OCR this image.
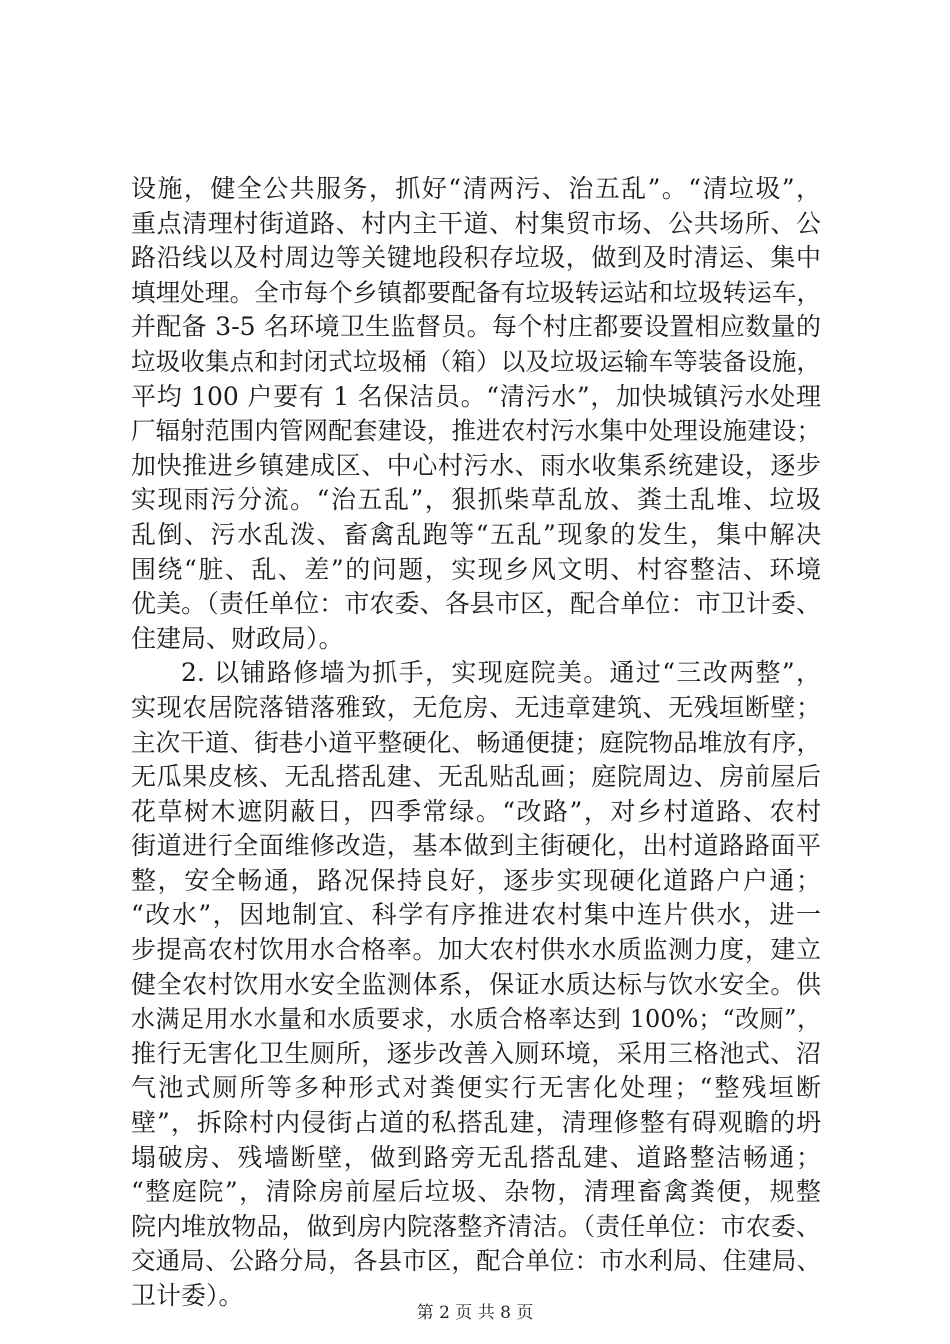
设施，健全公共服务，抓好“清两污、治五乱”。“清垃圾”，
重点清理村街道路、村内主干道、村集贸市场、公共场所、公
路沿线以及村周边等关键地段积存垃圾，做到及时清运、集中
填埋处理。全市每个乡镇都要配备有垃圾转运站和垃圾转运车，
并配备 3-5 名环境卫生监督员。每个村庄都要设置相应数量的
垃圾收集点和封闭式垃圾桶（箱）以及垃圾运输车等装备设施，
平均 100 户要有 1 名保洁员。“清污水”，加快城镇污水处理
厂辐射范围内管网配套建设，推进农村污水集中处理设施建设；
加快推进乡镇建成区、中心村污水、雨水收集系统建设，逐步
实现雨污分流。“治五乱”，狠抓柴草乱放、粪土乱堆、垃圾
乱倒、污水乱泼、畜禽乱跑等“五乱”现象的发生，集中解决
围绕“脏、乱、差”的问题，实现乡风文明、村容整洁、环境
优美。（责任单位：市农委、各县市区，配合单位：市卫计委、
住建局、财政局）。
2. 以铺路修墙为抓手，实现庭院美。通过“三改两整”，
实现农居院落错落雅致，无危房、无违章建筑、无残垣断壁；
主次干道、街巷小道平整硬化、畅通便捷；庭院物品堆放有序，
无瓜果皮核、无乱搭乱建、无乱贴乱画；庭院周边、房前屋后
花草树木遮阴蔽日，四季常绿。“改路”，对乡村道路、农村
街道进行全面维修改造，基本做到主街硬化，出村道路路面平
整，安全畅通，路况保持良好，逐步实现硬化道路户户通；
“改水”，因地制宜、科学有序推进农村集中连片供水，进一
步提高农村饮用水合格率。加大农村供水水质监测力度，建立
健全农村饮用水安全监测体系，保证水质达标与饮水安全。供
水满足用水水量和水质要求，水质合格率达到 100%；“改厕”，
推行无害化卫生厕所，逐步改善入厕环境，采用三格池式、沼
气池式厕所等多种形式对粪便实行无害化处理；“整残垣断
壁”，拆除村内侵街占道的私搭乱建，清理修整有碍观瞻的坍
塌破房、残墙断壁，做到路旁无乱搭乱建、道路整洁畅通；
“整庭院”，清除房前屋后垃圾、杂物，清理畜禽粪便，规整
院内堆放物品，做到房内院落整齐清洁。（责任单位：市农委、
交通局、公路分局，各县市区，配合单位：市水利局、住建局、
卫计委）。
第 2 页 共 8 页
